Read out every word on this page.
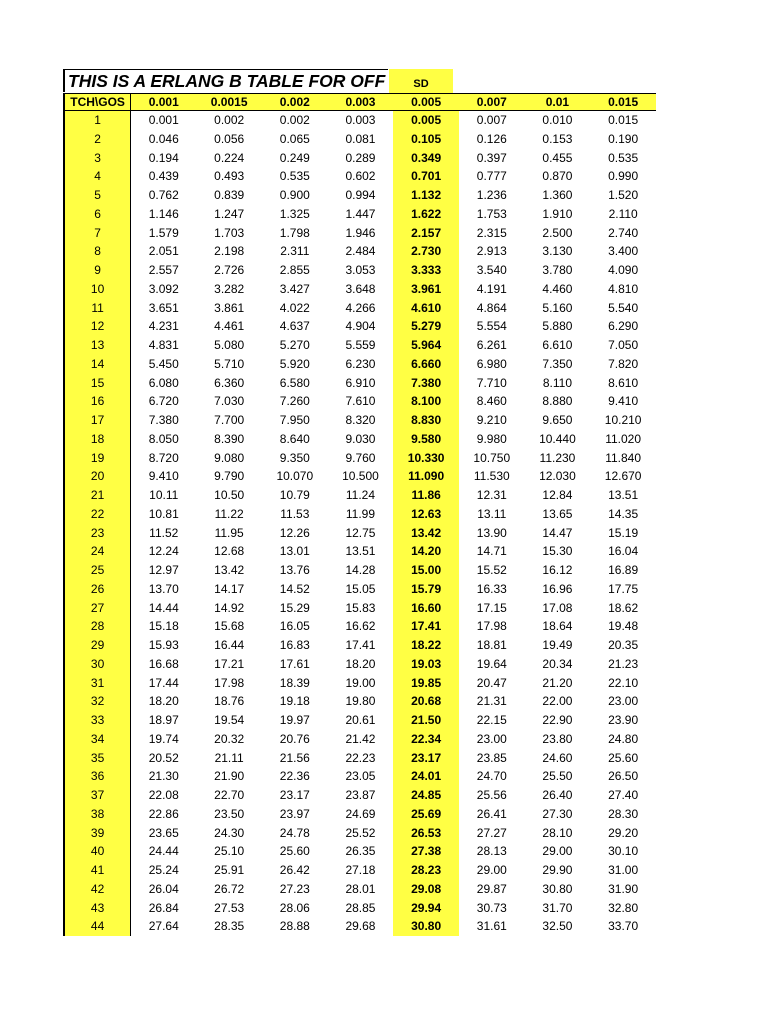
THIS IS A ERLANG B TABLE FOR OFF	SD
TCH\GOS	0.001	0.0015	0.002	0.003	0.005	0.007	0.01	0.015
1	0.001	0.002	0.002	0.003	0.005	0.007	0.010	0.015
2	0.046	0.056	0.065	0.081	0.105	0.126	0.153	0.190
3	0.194	0.224	0.249	0.289	0.349	0.397	0.455	0.535
4	0.439	0.493	0.535	0.602	0.701	0.777	0.870	0.990
5	0.762	0.839	0.900	0.994	1.132	1.236	1.360	1.520
6	1.146	1.247	1.325	1.447	1.622	1.753	1.910	2.110
7	1.579	1.703	1.798	1.946	2.157	2.315	2.500	2.740
8	2.051	2.198	2.311	2.484	2.730	2.913	3.130	3.400
9	2.557	2.726	2.855	3.053	3.333	3.540	3.780	4.090
10	3.092	3.282	3.427	3.648	3.961	4.191	4.460	4.810
11	3.651	3.861	4.022	4.266	4.610	4.864	5.160	5.540
12	4.231	4.461	4.637	4.904	5.279	5.554	5.880	6.290
13	4.831	5.080	5.270	5.559	5.964	6.261	6.610	7.050
14	5.450	5.710	5.920	6.230	6.660	6.980	7.350	7.820
15	6.080	6.360	6.580	6.910	7.380	7.710	8.110	8.610
16	6.720	7.030	7.260	7.610	8.100	8.460	8.880	9.410
17	7.380	7.700	7.950	8.320	8.830	9.210	9.650	10.210
18	8.050	8.390	8.640	9.030	9.580	9.980	10.440	11.020
19	8.720	9.080	9.350	9.760	10.330	10.750	11.230	11.840
20	9.410	9.790	10.070	10.500	11.090	11.530	12.030	12.670
21	10.11	10.50	10.79	11.24	11.86	12.31	12.84	13.51
22	10.81	11.22	11.53	11.99	12.63	13.11	13.65	14.35
23	11.52	11.95	12.26	12.75	13.42	13.90	14.47	15.19
24	12.24	12.68	13.01	13.51	14.20	14.71	15.30	16.04
25	12.97	13.42	13.76	14.28	15.00	15.52	16.12	16.89
26	13.70	14.17	14.52	15.05	15.79	16.33	16.96	17.75
27	14.44	14.92	15.29	15.83	16.60	17.15	17.08	18.62
28	15.18	15.68	16.05	16.62	17.41	17.98	18.64	19.48
29	15.93	16.44	16.83	17.41	18.22	18.81	19.49	20.35
30	16.68	17.21	17.61	18.20	19.03	19.64	20.34	21.23
31	17.44	17.98	18.39	19.00	19.85	20.47	21.20	22.10
32	18.20	18.76	19.18	19.80	20.68	21.31	22.00	23.00
33	18.97	19.54	19.97	20.61	21.50	22.15	22.90	23.90
34	19.74	20.32	20.76	21.42	22.34	23.00	23.80	24.80
35	20.52	21.11	21.56	22.23	23.17	23.85	24.60	25.60
36	21.30	21.90	22.36	23.05	24.01	24.70	25.50	26.50
37	22.08	22.70	23.17	23.87	24.85	25.56	26.40	27.40
38	22.86	23.50	23.97	24.69	25.69	26.41	27.30	28.30
39	23.65	24.30	24.78	25.52	26.53	27.27	28.10	29.20
40	24.44	25.10	25.60	26.35	27.38	28.13	29.00	30.10
41	25.24	25.91	26.42	27.18	28.23	29.00	29.90	31.00
42	26.04	26.72	27.23	28.01	29.08	29.87	30.80	31.90
43	26.84	27.53	28.06	28.85	29.94	30.73	31.70	32.80
44	27.64	28.35	28.88	29.68	30.80	31.61	32.50	33.70
